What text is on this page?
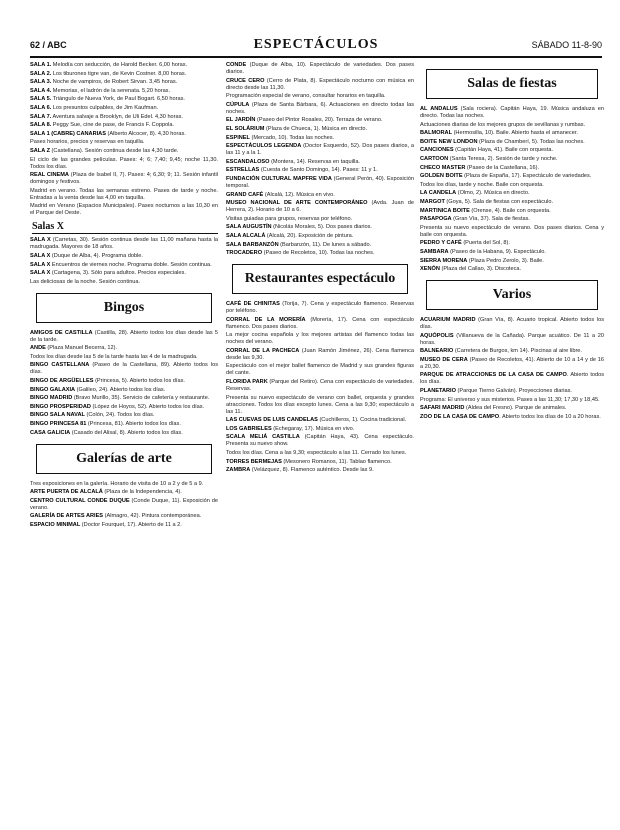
62 / ABC	ESPECTÁCULOS	SÁBADO 11-8-90

SALA 1. Melodía con seducción, de Harold Becker. 6,00 horas.

SALA 2. Los tiburones tigre van, de Kevin Costner. 8,00 horas.

SALA 3. Noche de vampiros, de Robert Sirvan. 3,45 horas.

SALA 4. Memorias, el ladrón de la serenata. 5,20 horas.

SALA 5. Triángulo de Nueva York, de Paul Bogart. 6,50 horas.

SALA 6. Los presuntos culpables, de Jim Kaufman.

SALA 7. Aventura salvaje a Brooklyn, de Uli Edel. 4,30 horas.

SALA 8. Peggy Sue, cine de pase, de Francis F. Coppola.

SALA 1 (CABRE) CANARIAS (Alberto Alcocer, 8). 4,30 horas.

Pases horarios, precios y reservas en taquilla.

SALA Z (Castellana). Sesión continua desde las 4,30 tarde.

El ciclo de las grandes películas. Pases: 4; 6; 7,40; 9,45; noche 11,30. Todos los días.

REAL CINEMA (Plaza de Isabel II, 7). Pases: 4; 6,30; 9; 11. Sesión infantil domingos y festivos.

Madrid en verano. Todas las semanas estreno. Pases de tarde y noche. Entradas a la venta desde las 4,00 en taquilla.

Madrid en Verano (Espacios Municipales). Pases nocturnos a las 10,30 en el Parque del Oeste.

Salas X

SALA X (Carretas, 30). Sesión continua desde las 11,00 mañana hasta la madrugada. Mayores de 18 años.

SALA X (Duque de Alba, 4). Programa doble.

SALA X Encuentros de viernes noche. Programa doble. Sesión continua.

SALA X (Cartagena, 3). Sólo para adultos. Precios especiales.

Las deliciosas de la noche. Sesión continua.

Bingos

AMIGOS DE CASTILLA (Castilla, 28). Abierto todos los días desde las 5 de la tarde.

ANDE (Plaza Manuel Becerra, 12).

Todos los días desde las 5 de la tarde hasta las 4 de la madrugada.

BINGO CASTELLANA (Paseo de la Castellana, 89). Abierto todos los días.

BINGO DE ARGÜELLES (Princesa, 5). Abierto todos los días.

BINGO GALAXIA (Galileo, 24). Abierto todos los días.

BINGO MADRID (Bravo Murillo, 35). Servicio de cafetería y restaurante.

BINGO PROSPERIDAD (López de Hoyos, 52). Abierto todos los días.

BINGO SALA NAVAL (Colón, 24). Todos los días.

BINGO PRINCESA 81 (Princesa, 81). Abierto todos los días.

CASA GALICIA (Casado del Alisal, 8). Abierto todos los días.

Galerías de arte

Tres exposiciones en la galería. Horario de visita de 10 a 2 y de 5 a 9.

ARTE PUERTA DE ALCALÁ (Plaza de la Independencia, 4).

CENTRO CULTURAL CONDE DUQUE (Conde Duque, 11). Exposición de verano.

GALERÍA DE ARTES ARIES (Almagro, 42). Pintura contemporánea.

ESPACIO MINIMAL (Doctor Fourquet, 17). Abierto de 11 a 2.

CONDE (Duque de Alba, 10). Espectáculo de variedades. Dos pases diarios.

CRUCE CERO (Cerro de Plata, 8). Espectáculo nocturno con música en directo desde las 11,30.

Programación especial de verano, consultar horarios en taquilla.

CÚPULA (Plaza de Santa Bárbara, 6). Actuaciones en directo todas las noches.

EL JARDÍN (Paseo del Pintor Rosales, 20). Terraza de verano.

EL SOLÁRIUM (Plaza de Chueca, 1). Música en directo.

ESPINEL (Mercado, 10). Todas las noches.

ESPECTÁCULOS LEGENDA (Doctor Esquerdo, 52). Dos pases diarios, a las 11 y a la 1.

ESCANDALOSO (Montera, 14). Reservas en taquilla.

ESTRELLAS (Cuesta de Santo Domingo, 14). Pases: 11 y 1.

FUNDACIÓN CULTURAL MAPFRE VIDA (General Perón, 40). Exposición temporal.

GRAND CAFÉ (Alcalá, 12). Música en vivo.

MUSEO NACIONAL DE ARTE CONTEMPORÁNEO (Avda. Juan de Herrera, 2). Horario de 10 a 6.

Visitas guiadas para grupos, reservas por teléfono.

SALA AUGUSTÍN (Nicolás Morales, 5). Dos pases diarios.

SALA ALCALÁ (Alcalá, 20). Exposición de pintura.

SALA BARBANZÓN (Barbanzón, 11). De lunes a sábado.

TROCADERO (Paseo de Recoletos, 10). Todas las noches.

Restaurantes espectáculo

CAFÉ DE CHINITAS (Torija, 7). Cena y espectáculo flamenco. Reservas por teléfono.

CORRAL DE LA MORERÍA (Morería, 17). Cena con espectáculo flamenco. Dos pases diarios.

La mejor cocina española y los mejores artistas del flamenco todas las noches del verano.

CORRAL DE LA PACHECA (Juan Ramón Jiménez, 26). Cena flamenca desde las 9,30.

Espectáculo con el mejor ballet flamenco de Madrid y sus grandes figuras del cante.

FLORIDA PARK (Parque del Retiro). Cena con espectáculo de variedades. Reservas.

Presenta su nuevo espectáculo de verano con ballet, orquesta y grandes atracciones. Todos los días excepto lunes. Cena a las 9,30; espectáculo a las 11.

LAS CUEVAS DE LUIS CANDELAS (Cuchilleros, 1). Cocina tradicional.

LOS GABRIELES (Echegaray, 17). Música en vivo.

SCALA MELIÁ CASTILLA (Capitán Haya, 43). Cena espectáculo. Presenta su nuevo show.

Todos los días. Cena a las 9,30; espectáculo a las 11. Cerrado los lunes.

TORRES BERMEJAS (Mesonero Romanos, 11). Tablao flamenco.

ZAMBRA (Velázquez, 8). Flamenco auténtico. Desde las 9.

Salas de fiestas

AL ANDALUS (Sala rociera). Capitán Haya, 19. Música andaluza en directo. Todas las noches.

Actuaciones diarias de los mejores grupos de sevillanas y rumbas.

BALMORAL (Hermosilla, 10). Baile. Abierto hasta el amanecer.

BOITE NEW LONDON (Plaza de Chamberí, 5). Todas las noches.

CANCIONES (Capitán Haya, 41). Baile con orquesta.

CARTOON (Santa Teresa, 2). Sesión de tarde y noche.

CHECO MASTER (Paseo de la Castellana, 16).

GOLDEN BOITE (Plaza de España, 17). Espectáculo de variedades.

Todos los días, tarde y noche. Baile con orquesta.

LA CANDELA (Olmo, 2). Música en directo.

MARGOT (Goya, 5). Sala de fiestas con espectáculo.

MARTINICA BOITE (Orense, 4). Baile con orquesta.

PASAPOGA (Gran Vía, 37). Sala de fiestas.

Presenta su nuevo espectáculo de verano. Dos pases diarios. Cena y baile con orquesta.

PEDRO Y CAFÉ (Puerta del Sol, 8).

SAMBARA (Paseo de la Habana, 9). Espectáculo.

SIERRA MORENA (Plaza Pedro Zerolo, 3). Baile.

XENÓN (Plaza del Callao, 3). Discoteca.

Varios

ACUARIUM MADRID (Gran Vía, 8). Acuario tropical. Abierto todos los días.

AQUÓPOLIS (Villanueva de la Cañada). Parque acuático. De 11 a 20 horas.

BALNEARIO (Carretera de Burgos, km 14). Piscinas al aire libre.

MUSEO DE CERA (Paseo de Recoletos, 41). Abierto de 10 a 14 y de 16 a 20,30.

PARQUE DE ATRACCIONES DE LA CASA DE CAMPO. Abierto todos los días.

PLANETARIO (Parque Tierno Galván). Proyecciones diarias.

Programa: El universo y sus misterios. Pases a las 11,30; 17,30 y 18,45.

SAFARI MADRID (Aldea del Fresno). Parque de animales.

ZOO DE LA CASA DE CAMPO. Abierto todos los días de 10 a 20 horas.
